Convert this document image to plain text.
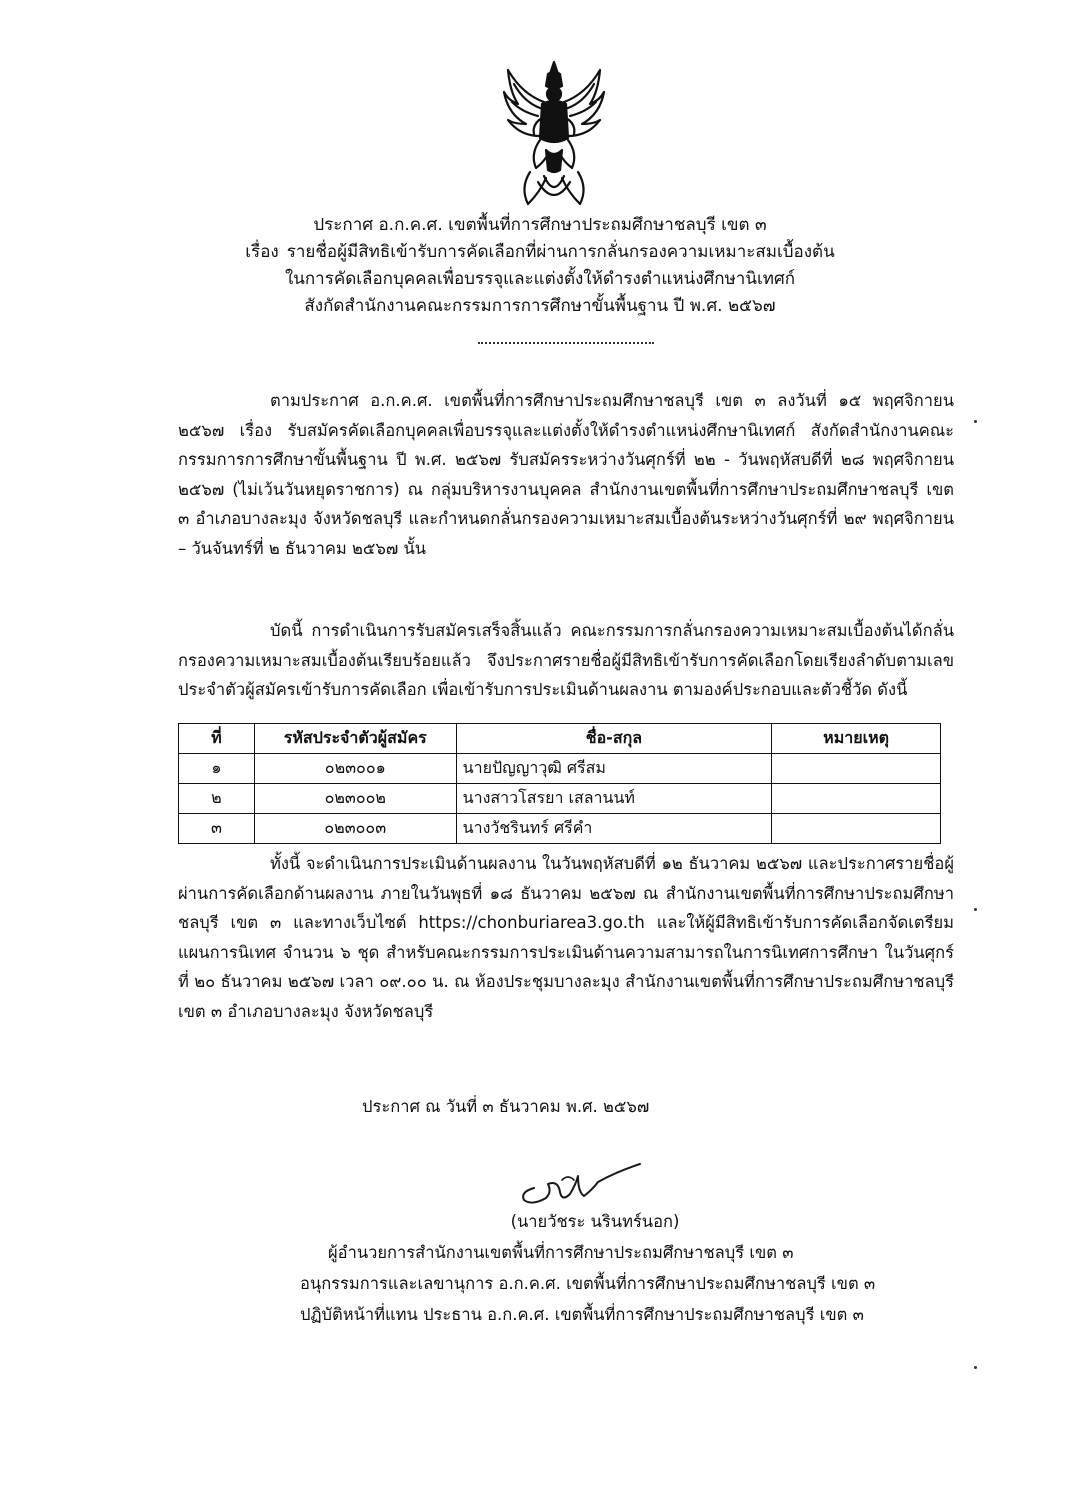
ประกาศ อ.ก.ค.ศ. เขตพื้นที่การศึกษาประถมศึกษาชลบุรี เขต ๓
เรื่อง รายชื่อผู้มีสิทธิเข้ารับการคัดเลือกที่ผ่านการกลั่นกรองความเหมาะสมเบื้องต้น
ในการคัดเลือกบุคคลเพื่อบรรจุและแต่งตั้งให้ดำรงตำแหน่งศึกษานิเทศก์
สังกัดสำนักงานคณะกรรมการการศึกษาขั้นพื้นฐาน ปี พ.ศ. ๒๕๖๗

ตามประกาศ อ.ก.ค.ศ. เขตพื้นที่การศึกษาประถมศึกษาชลบุรี เขต ๓ ลงวันที่ ๑๕ พฤศจิกายน ๒๕๖๗ เรื่อง รับสมัครคัดเลือกบุคคลเพื่อบรรจุและแต่งตั้งให้ดำรงตำแหน่งศึกษานิเทศก์ สังกัดสำนักงานคณะกรรมการการศึกษาขั้นพื้นฐาน ปี พ.ศ. ๒๕๖๗ รับสมัครระหว่างวันศุกร์ที่ ๒๒ - วันพฤหัสบดีที่ ๒๘ พฤศจิกายน ๒๕๖๗ (ไม่เว้นวันหยุดราชการ) ณ กลุ่มบริหารงานบุคคล สำนักงานเขตพื้นที่การศึกษาประถมศึกษาชลบุรี เขต ๓ อำเภอบางละมุง จังหวัดชลบุรี และกำหนดกลั่นกรองความเหมาะสมเบื้องต้นระหว่างวันศุกร์ที่ ๒๙ พฤศจิกายน – วันจันทร์ที่ ๒ ธันวาคม ๒๕๖๗ นั้น

บัดนี้ การดำเนินการรับสมัครเสร็จสิ้นแล้ว คณะกรรมการกลั่นกรองความเหมาะสมเบื้องต้นได้กลั่นกรองความเหมาะสมเบื้องต้นเรียบร้อยแล้ว จึงประกาศรายชื่อผู้มีสิทธิเข้ารับการคัดเลือกโดยเรียงลำดับตามเลขประจำตัวผู้สมัครเข้ารับการคัดเลือก เพื่อเข้ารับการประเมินด้านผลงาน ตามองค์ประกอบและตัวชี้วัด ดังนี้

ที่	รหัสประจำตัวผู้สมัคร	ชื่อ-สกุล	หมายเหตุ
๑	๐๒๓๐๐๑	นายปัญญาวุฒิ ศรีสม	
๒	๐๒๓๐๐๒	นางสาวโสรยา เสลานนท์	
๓	๐๒๓๐๐๓	นางวัชรินทร์ ศรีคำ	

ทั้งนี้ จะดำเนินการประเมินด้านผลงาน ในวันพฤหัสบดีที่ ๑๒ ธันวาคม ๒๕๖๗ และประกาศรายชื่อผู้ผ่านการคัดเลือกด้านผลงาน ภายในวันพุธที่ ๑๘ ธันวาคม ๒๕๖๗ ณ สำนักงานเขตพื้นที่การศึกษาประถมศึกษาชลบุรี เขต ๓ และทางเว็บไซต์ https://chonburiarea3.go.th และให้ผู้มีสิทธิเข้ารับการคัดเลือกจัดเตรียมแผนการนิเทศ จำนวน ๖ ชุด สำหรับคณะกรรมการประเมินด้านความสามารถในการนิเทศการศึกษา ในวันศุกร์ที่ ๒๐ ธันวาคม ๒๕๖๗ เวลา ๐๙.๐๐ น. ณ ห้องประชุมบางละมุง สำนักงานเขตพื้นที่การศึกษาประถมศึกษาชลบุรี เขต ๓ อำเภอบางละมุง จังหวัดชลบุรี

ประกาศ ณ วันที่ ๓ ธันวาคม พ.ศ. ๒๕๖๗
(นายวัชระ นรินทร์นอก)
ผู้อำนวยการสำนักงานเขตพื้นที่การศึกษาประถมศึกษาชลบุรี เขต ๓
อนุกรรมการและเลขานุการ อ.ก.ค.ศ. เขตพื้นที่การศึกษาประถมศึกษาชลบุรี เขต ๓
ปฏิบัติหน้าที่แทน ประธาน อ.ก.ค.ศ. เขตพื้นที่การศึกษาประถมศึกษาชลบุรี เขต ๓
